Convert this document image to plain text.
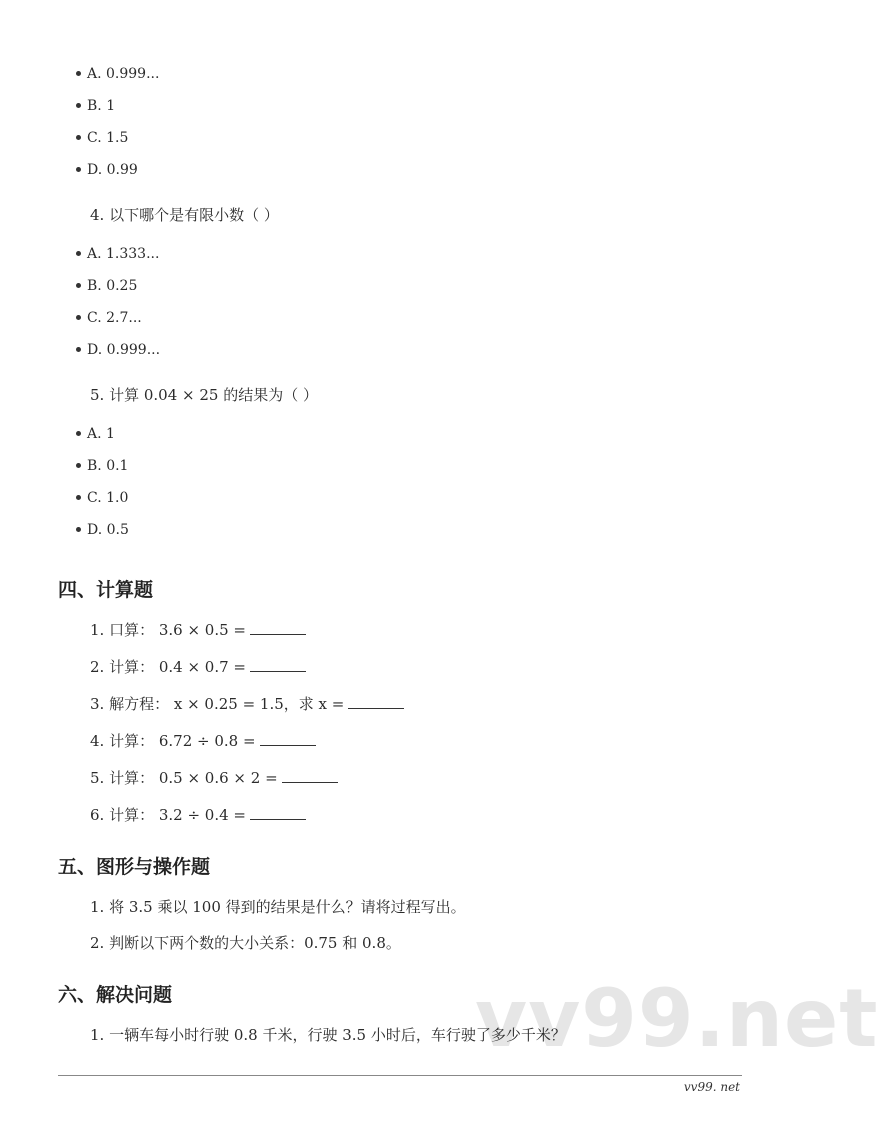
vv99.net
A. 0.999...
B. 1
C. 1.5
D. 0.99
4. 以下哪个是有限小数（ ）
A. 1.333...
B. 0.25
C. 2.7...
D. 0.999...
5. 计算 0.04 × 25 的结果为（ ）
A. 1
B. 0.1
C. 1.0
D. 0.5
四、计算题
1. 口算： 3.6 × 0.5 =
2. 计算： 0.4 × 0.7 =
3. 解方程： x × 0.25 = 1.5，求 x =
4. 计算： 6.72 ÷ 0.8 =
5. 计算： 0.5 × 0.6 × 2 =
6. 计算： 3.2 ÷ 0.4 =
五、图形与操作题
1. 将 3.5 乘以 100 得到的结果是什么？请将过程写出。
2. 判断以下两个数的大小关系：0.75 和 0.8。
六、解决问题
1. 一辆车每小时行驶 0.8 千米，行驶 3.5 小时后，车行驶了多少千米？
vv99. net
